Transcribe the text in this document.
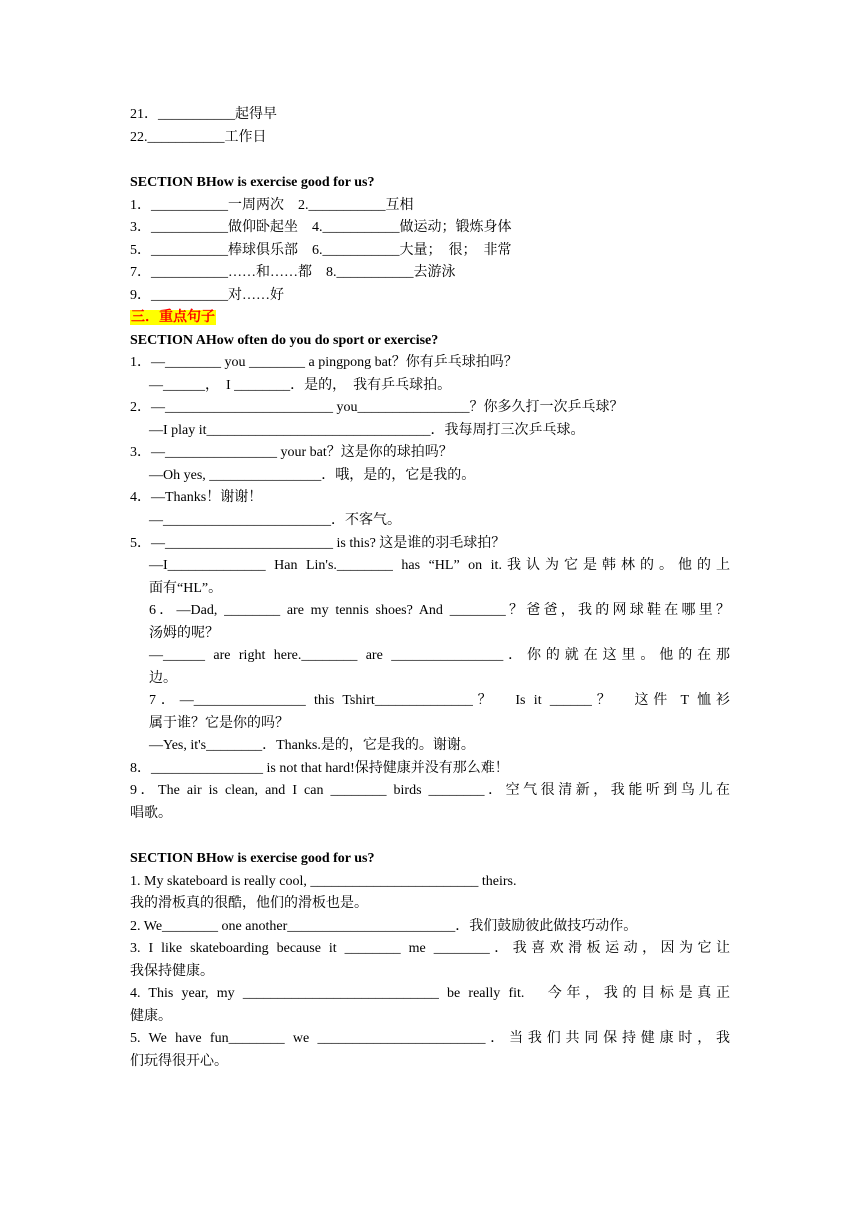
21．___________起得早
22.___________工作日
SECTION BHow is exercise good for us?
1．___________一周两次　2.___________互相
3．___________做仰卧起坐　4.___________做运动；锻炼身体
5．___________棒球俱乐部　6.___________大量；　很；　非常
7．___________……和……都　8.___________去游泳
9．___________对……好
三．重点句子
SECTION AHow often do you do sport or exercise?
1．—________ you ________ a pingpong bat？你有乒乓球拍吗？
—______，　I ________．是的，　我有乒乓球拍。
2．—________________________ you________________？你多久打一次乒乓球？
—I play it________________________________．我每周打三次乒乓球。
3．—________________ your bat？这是你的球拍吗？
—Oh yes, ________________．哦，是的，它是我的。
4．—Thanks！谢谢！
—________________________．不客气。
5．—________________________ is this? 这是谁的羽毛球拍？
—I______________ Han Lin's.________ has “HL” on it.我认为它是韩林的。他的上
面有“HL”。
6．—Dad, ________ are my tennis shoes? And ________？爸爸，我的网球鞋在哪里？
汤姆的呢？
—______ are right here.________ are ________________．你的就在这里。他的在那
边。
7．—________________ this Tshirt______________？　Is it ______？　这件 T 恤衫
属于谁？它是你的吗？
—Yes, it's________．Thanks.是的，它是我的。谢谢。
8．________________ is not that hard!保持健康并没有那么难！
9．The air is clean, and I can ________ birds ________．空气很清新，我能听到鸟儿在
唱歌。
SECTION BHow is exercise good for us?
1. My skateboard is really cool, ________________________ theirs.
我的滑板真的很酷，他们的滑板也是。
2. We________ one another________________________．我们鼓励彼此做技巧动作。
3. I like skateboarding because it ________ me ________．我喜欢滑板运动，因为它让
我保持健康。
4. This year, my ____________________________ be really fit.　今年，我的目标是真正
健康。
5. We have fun________ we ________________________．当我们共同保持健康时，我
们玩得很开心。
